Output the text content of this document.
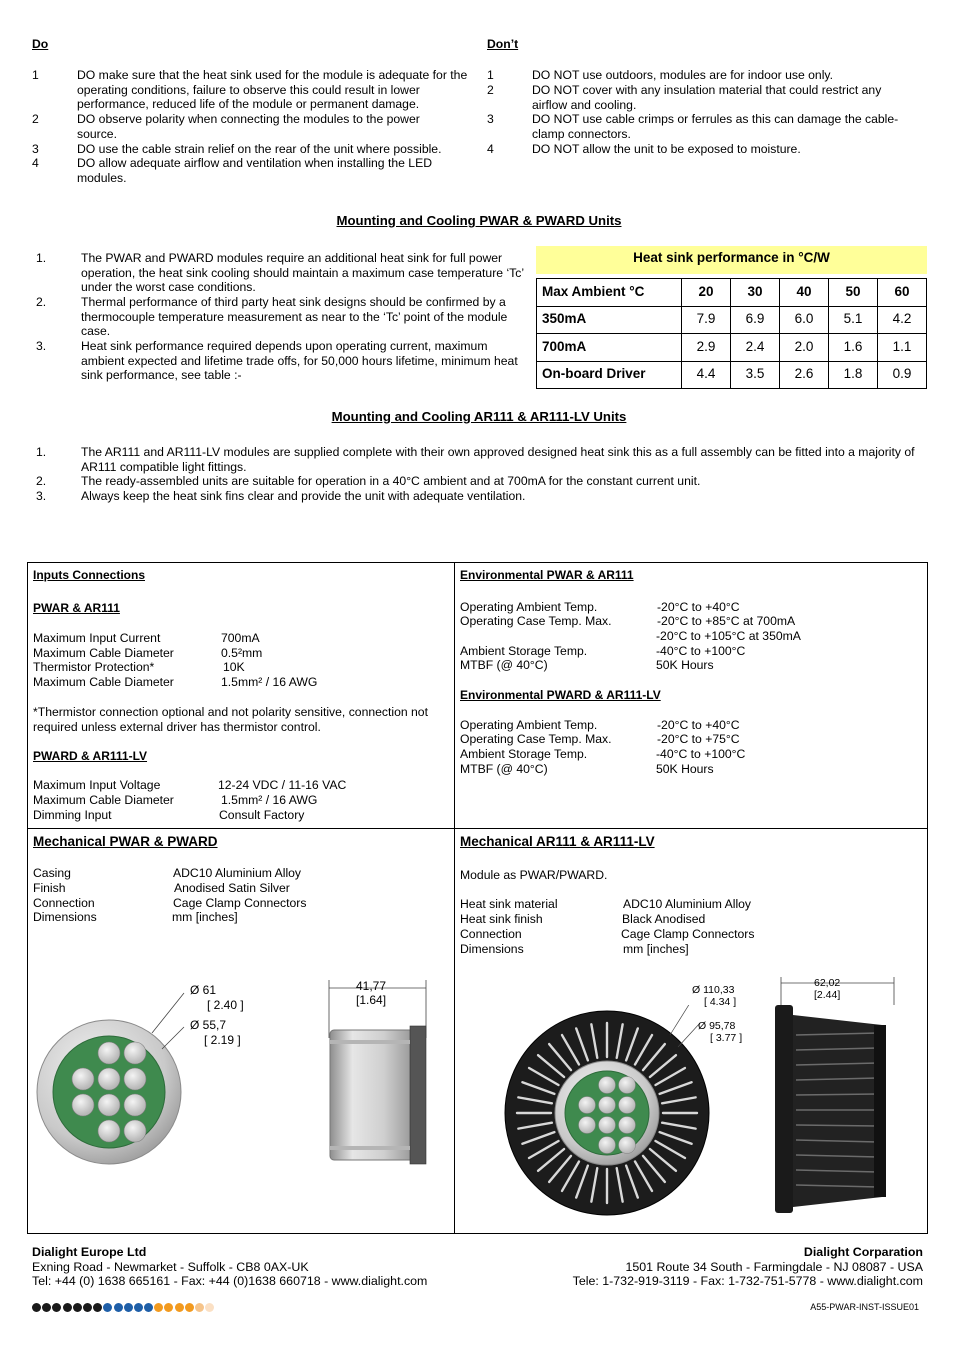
Do	Don’t
1	DO make sure that the heat sink used for the module is adequate for the operating conditions, failure to observe this could result in lower performance, reduced life of the module or permanent damage.
2	DO observe polarity when connecting the modules to the power source.
3	DO use the cable strain relief on the rear of the unit where possible.
4	DO allow adequate airflow and ventilation when installing the LED modules.
1	DO NOT use outdoors, modules are for indoor use only.
2	DO NOT cover with any insulation material that could restrict any airflow and cooling.
3	DO NOT use cable crimps or ferrules as this can damage the cable-clamp connectors.
4	DO NOT allow the unit to be exposed to moisture.
Mounting and Cooling PWAR & PWARD Units
1.	The PWAR and PWARD modules require an additional heat sink for full power operation, the heat sink cooling should maintain a maximum case temperature ‘Tc’ under the worst case conditions.
2.	Thermal performance of third party heat sink designs should be confirmed by a thermocouple temperature measurement as near to the ‘Tc’ point of the module case.
3.	Heat sink performance required depends upon operating current, maximum ambient expected and lifetime trade offs, for 50,000 hours lifetime, minimum heat sink performance, see table :-
Heat sink performance in °C/W
Max Ambient °C	20	30	40	50	60
350mA	7.9	6.9	6.0	5.1	4.2
700mA	2.9	2.4	2.0	1.6	1.1
On-board Driver	4.4	3.5	2.6	1.8	0.9
Mounting and Cooling AR111 & AR111-LV Units
1.	The AR111 and AR111-LV modules are supplied complete with their own approved designed heat sink this as a full assembly can be fitted into a majority of AR111 compatible light fittings.
2.	The ready-assembled units are suitable for operation in a 40°C ambient and at 700mA for the constant current unit.
3.	Always keep the heat sink fins clear and provide the unit with adequate ventilation.
Inputs Connections
PWAR & AR111
Maximum Input Current	700mA
Maximum Cable Diameter	0.5²mm
Thermistor Protection*	10K
Maximum Cable Diameter	1.5mm² / 16 AWG
*Thermistor connection optional and not polarity sensitive, connection not required unless external driver has thermistor control.
PWARD & AR111-LV
Maximum Input Voltage	12-24 VDC / 11-16 VAC
Maximum Cable Diameter	1.5mm² / 16 AWG
Dimming Input	Consult Factory
Environmental PWAR & AR111
Operating Ambient Temp.	-20°C to +40°C
Operating Case Temp. Max.	-20°C to +85°C at 700mA
-20°C to +105°C at 350mA
Ambient Storage Temp.	-40°C to +100°C
MTBF (@ 40°C)	50K Hours
Environmental PWARD & AR111-LV
Operating Ambient Temp.	-20°C to +40°C
Operating Case Temp. Max.	-20°C to +75°C
Ambient Storage Temp.	-40°C to +100°C
MTBF (@ 40°C)	50K Hours
Mechanical PWAR & PWARD
Casing	ADC10 Aluminium Alloy
Finish	Anodised Satin Silver
Connection	Cage Clamp Connectors
Dimensions	mm [inches]
Ø 61
[ 2.40 ]
Ø 55,7
[ 2.19 ]
41,77
[1.64]
Mechanical AR111 & AR111-LV
Module as PWAR/PWARD.
Heat sink material	ADC10 Aluminium Alloy
Heat sink finish	Black Anodised
Connection	Cage Clamp Connectors
Dimensions	mm [inches]
Ø 110,33
[ 4.34 ]
Ø 95,78
[ 3.77 ]
62,02
[2.44]
Dialight Europe Ltd
Exning Road - Newmarket - Suffolk - CB8 0AX-UK
Tel: +44 (0) 1638 665161 - Fax: +44 (0)1638 660718 - www.dialight.com
Dialight Corparation
1501 Route 34 South - Farmingdale - NJ 08087 - USA
Tele: 1-732-919-3119 - Fax: 1-732-751-5778 - www.dialight.com
A55-PWAR-INST-ISSUE01
